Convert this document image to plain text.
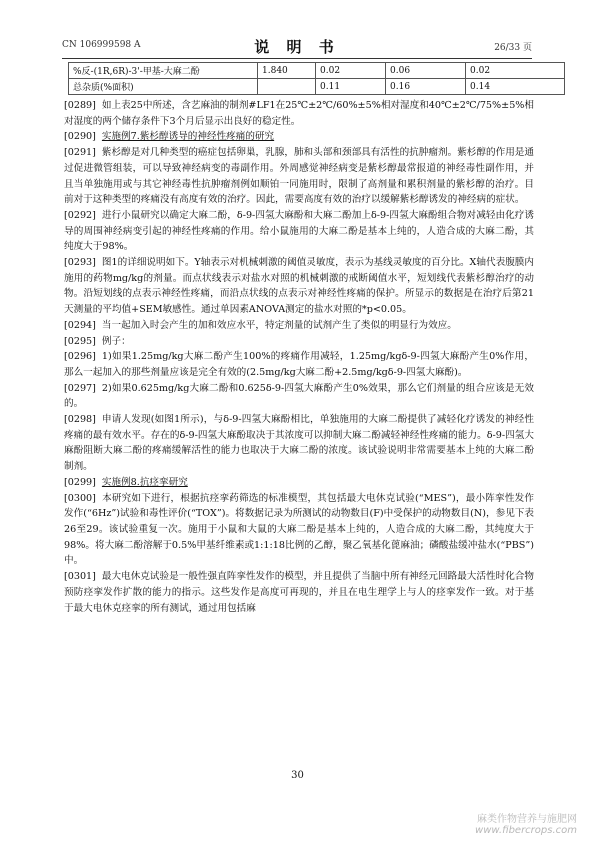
CN 106999598 A	说 明 书	26/33 页
%反-(1R,6R)-3'-甲基-大麻二酚	1.840	0.02	0.06	0.02
总杂质(%面积)		0.11	0.16	0.14

[0289] 如上表25中所述，含艺麻油的制剂#LF1在25℃±2℃/60%±5%相对湿度和40℃±2℃/75%±5%相对湿度的两个储存条件下3个月后显示出良好的稳定性。

[0290] 实施例7.紫杉醇诱导的神经性疼痛的研究

[0291] 紫杉醇是对几种类型的癌症包括卵巢，乳腺，肺和头部和颈部具有活性的抗肿瘤剂。紫杉醇的作用是通过促进微管组装，可以导致神经病变的毒副作用。外周感觉神经病变是紫杉醇最常报道的神经毒性副作用，并且当单独施用或与其它神经毒性抗肿瘤剂例如顺铂一同施用时，限制了高剂量和累积剂量的紫杉醇的治疗。目前对于这种类型的疼痛没有高度有效的治疗。因此，需要高度有效的治疗以缓解紫杉醇诱发的神经病的症状。

[0292] 进行小鼠研究以确定大麻二酚，δ-9-四氢大麻酚和大麻二酚加上δ-9-四氢大麻酚组合物对减轻由化疗诱导的周围神经病变引起的神经性疼痛的作用。给小鼠施用的大麻二酚是基本上纯的，人造合成的大麻二酚，其纯度大于98%。

[0293] 图1的详细说明如下。Y轴表示对机械刺激的阈值灵敏度，表示为基线灵敏度的百分比。X轴代表腹膜内施用的药物mg/kg的剂量。而点状线表示对盐水对照的机械刺激的戒断阈值水平，短划线代表紫杉醇治疗的动物。沿短划线的点表示神经性疼痛，而沿点状线的点表示对神经性疼痛的保护。所显示的数据是在治疗后第21天测量的平均值+SEM敏感性。通过单因素ANOVA测定的盐水对照的*p<0.05。

[0294] 当一起加入时会产生的加和效应水平，特定剂量的试剂产生了类似的明显行为效应。

[0295] 例子：

[0296] 1)如果1.25mg/kg大麻二酚产生100%的疼痛作用减轻，1.25mg/kgδ-9-四氢大麻酚产生0%作用，那么一起加入的那些剂量应该是完全有效的(2.5mg/kg大麻二酚+2.5mg/kgδ-9-四氢大麻酚)。

[0297] 2)如果0.625mg/kg大麻二酚和0.625δ-9-四氢大麻酚产生0%效果，那么它们剂量的组合应该是无效的。

[0298] 申请人发现(如图1所示)，与δ-9-四氢大麻酚相比，单独施用的大麻二酚提供了减轻化疗诱发的神经性疼痛的最有效水平。存在的δ-9-四氢大麻酚取决于其浓度可以抑制大麻二酚减轻神经性疼痛的能力。δ-9-四氢大麻酚阻断大麻二酚的疼痛缓解活性的能力也取决于大麻二酚的浓度。该试验说明非常需要基本上纯的大麻二酚制剂。

[0299] 实施例8.抗痉挛研究

[0300] 本研究如下进行，根据抗痉挛药筛选的标准模型，其包括最大电休克试验(“MES”)，最小阵挛性发作发作(“6Hz”)试验和毒性评价(“TOX”)。将数据记录为所测试的动物数目(F)中受保护的动物数目(N)，参见下表26至29。该试验重复一次。施用于小鼠和大鼠的大麻二酚是基本上纯的，人造合成的大麻二酚，其纯度大于98%。将大麻二酚溶解于0.5%甲基纤维素或1:1:18比例的乙醇，聚乙氧基化蓖麻油；磷酸盐缓冲盐水(“PBS”)中。

[0301] 最大电休克试验是一般性强直阵挛性发作的模型，并且提供了当脑中所有神经元回路最大活性时化合物预防痉挛发作扩散的能力的指示。这些发作是高度可再现的，并且在电生理学上与人的痉挛发作一致。对于基于最大电休克痉挛的所有测试，通过用包括麻

30
麻类作物营养与施肥网
www.fibercrops.com
